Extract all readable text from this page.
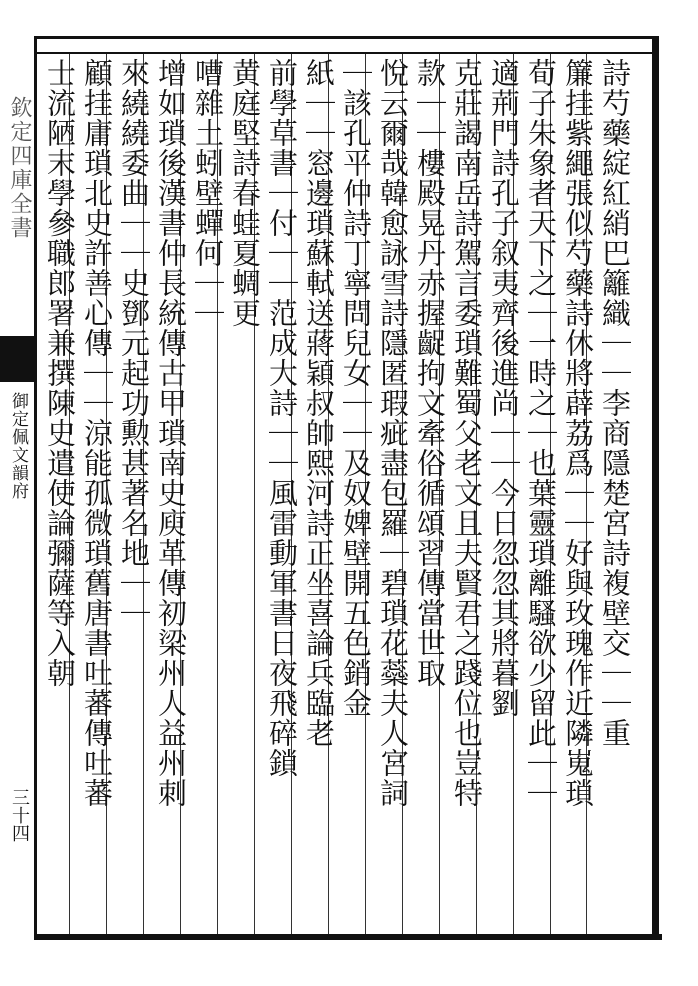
欽定四庫全書
御定佩文韻府
三十四
詩芍藥綻紅綃巴籬織｜｜李商隱楚宮詩複壁交｜｜重
簾挂紫繩張似芍藥詩休將薜荔爲｜｜好與玫瑰作近隣嵬瑣
荀子朱象者天下之｜一時之｜也葉靈瑣離騷欲少留此｜｜
適荊門詩孔子叙夷齊後進尚｜｜今日忽忽其將暮劉
克莊謁南岳詩駕言委瑣難蜀父老文且夫賢君之踐位也豈特
款｜｜樓殿晃丹赤握齪拘文牽俗循頌習傳當世取
悅云爾哉韓愈詠雪詩隱匿瑕疵盡包羅｜碧瑣花蘂夫人宮詞
｜該孔平仲詩丁寧問兒女｜｜及奴婢壁開五色銷金
紙｜｜窓邊瑣蘇軾送蔣穎叔帥熙河詩正坐喜論兵臨老
前學草書｜付｜｜范成大詩｜｜風雷動軍書日夜飛碎鎖
黄庭堅詩春蛙夏蜩更
嘈雜土蚓壁蟬何｜｜
增如瑣後漢書仲長統傳古甲瑣南史庾革傳初梁州人益州刺
來繞繞委曲｜｜史鄧元起功勲甚著名地｜｜
顧挂庸瑣北史許善心傳｜｜涼能孤微瑣舊唐書吐蕃傳吐蕃
士流陋末學參職郎署兼撰陳史遣使論彌薩等入朝
